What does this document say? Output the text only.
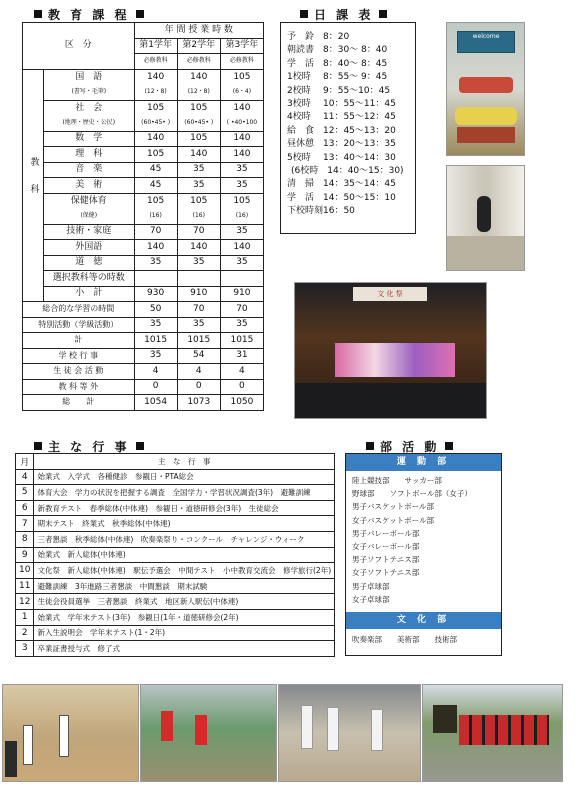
教 育 課 程
区　分		年 間 授 業 時 数		
		第1学年	第2学年	第3学年
		必修教科	必修教科	必修教科
教科	国　語	140	140	105
	(書写・毛筆)	(12・8)	(12・8)	(6・4)
	社　会	105	105	140
	(地理・歴史・公民)	(60•45• )	(60•45• )	( •40•100
	数　学	140	105	140
	理　科	105	140	140
	音　楽	45	35	35
	美　術	45	35	35
	保健体育	105	105	105
	(保健)	(16)	(16)	(16)
	技術・家庭	70	70	35
	外国語	140	140	140
	道　徳	35	35	35
	選択教科等の時数			
	小　計	930	910	910
総合的な学習の時間		50	70	70
特別活動（学級活動）		35	35	35
計		1015	1015	1015
学 校 行 事		35	54	31
生 徒 会 活 動		4	4	4
教 科 等 外		0	0	0
総　　計		1054	1073	1050
日 課 表
予　鈴 8：20
朝読書 8：30～ 8：40
学　活 8：40～ 8：45
1校時	8：55～ 9：45
2校時	9：55～10：45
3校時	10：55～11：45
4校時	11：55～12：45
給　食 12：45～13：20
昼休憩 13：20～13：35
5校時	13：40～14：30
(6校時　14：40～15：30)
清　掃 14：35～14：45
学　活 14：50～15：10
下校時刻 16：50
welcome
文 化 祭
主 な 行 事
月	主　な　行　事
4	始業式　入学式　各種健診　参観日・PTA総会
5	体育大会　学力の状況を把握する調査　全国学力・学習状況調査(3年)　避難訓練
6	新教育テスト　春季総体(中体連)　参観日・道徳研修会(3年)　生徒総会
7	期末テスト　終業式　秋季総体(中体連)
8	三者懇談　秋季総体(中体連)　吹奏楽祭り・コンクール　チャレンジ・ウィーク
9	始業式　新人総体(中体連)
10	文化祭　新人総体(中体連)　駅伝予選会　中間テスト　小中教育交流会　修学旅行(2年)
11	避難訓練　3年進路三者懇談　中間懇談　期末試験
12	生徒会役員選挙　三者懇談　終業式　地区新人駅伝(中体連)
1	始業式　学年末テスト(3年)　参観日(1年・道徳研修会(2年)
2	新入生説明会　学年末テスト(1・2年)
3	卒業証書授与式　修了式
部 活 動
運 動 部
陸上競技部　　サッカー部
野球部　　ソフトボール部（女子）
男子バスケットボール部
女子バスケットボール部
男子バレーボール部
女子バレーボール部
男子ソフトテニス部
女子ソフトテニス部
男子卓球部
女子卓球部
文 化 部
吹奏楽部　　美術部　　技術部
